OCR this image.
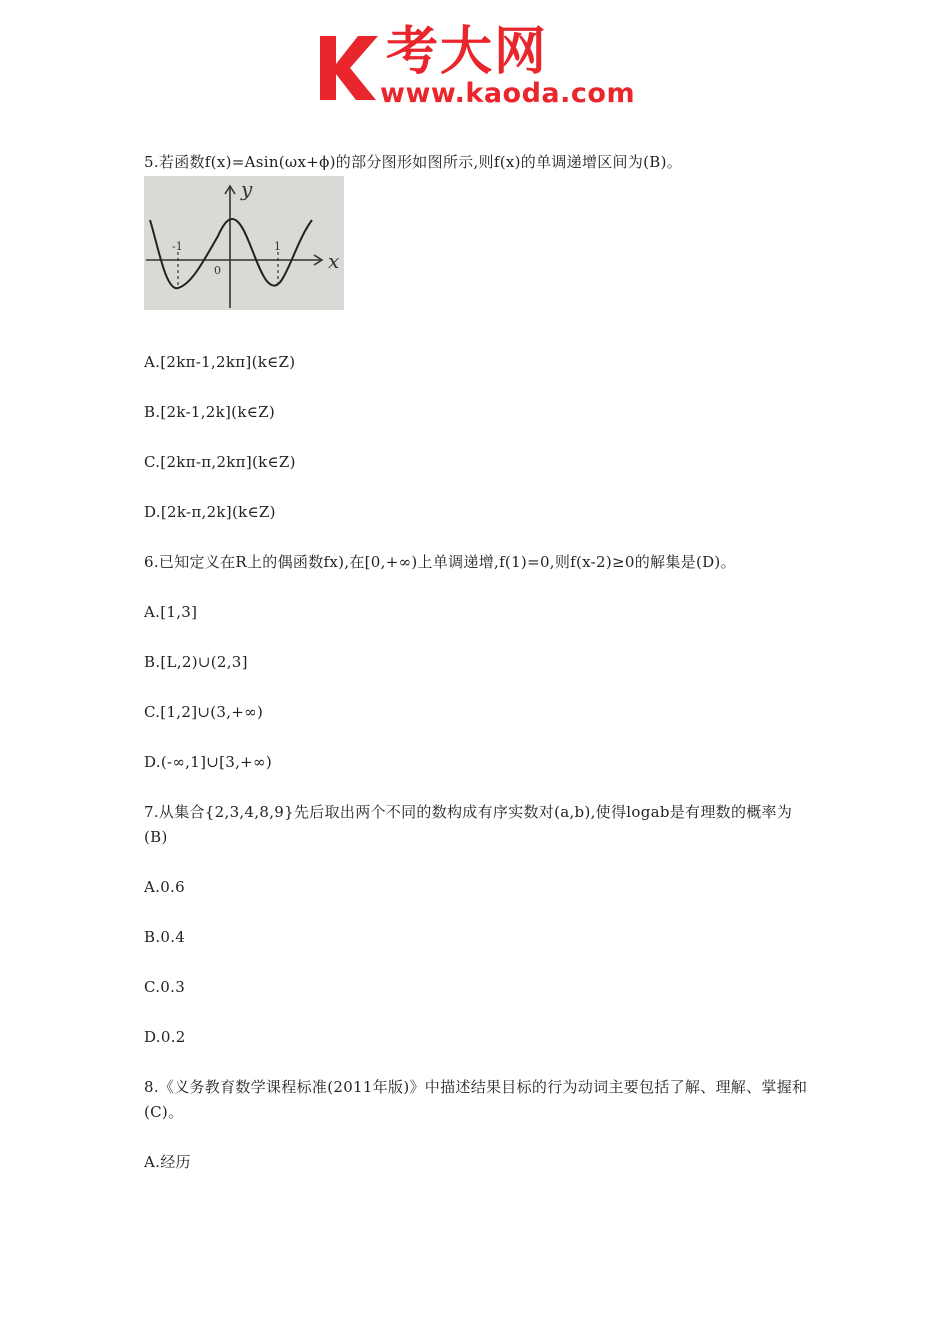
考大网
www.kaoda.com

5.若函数f(x)=Asin(ωx+ϕ)的部分图形如图所示,则f(x)的单调递增区间为(B)。

y
x
0
-1	1

A.[2kπ-1,2kπ](k∈Z)

B.[2k-1,2k](k∈Z)

C.[2kπ-π,2kπ](k∈Z)

D.[2k-π,2k](k∈Z)

6.已知定义在R上的偶函数fx),在[0,+∞)上单调递增,f(1)=0,则f(x-2)≥0的解集是(D)。

A.[1,3]

B.[L,2)∪(2,3]

C.[1,2]∪(3,+∞)

D.(-∞,1]∪[3,+∞)

7.从集合{2,3,4,8,9}先后取出两个不同的数构成有序实数对(a,b),使得logab是有理数的概率为(B)

A.0.6

B.0.4

C.0.3

D.0.2

8.《义务教育数学课程标准(2011年版)》中描述结果目标的行为动词主要包括了解、理解、掌握和(C)。

A.经历
